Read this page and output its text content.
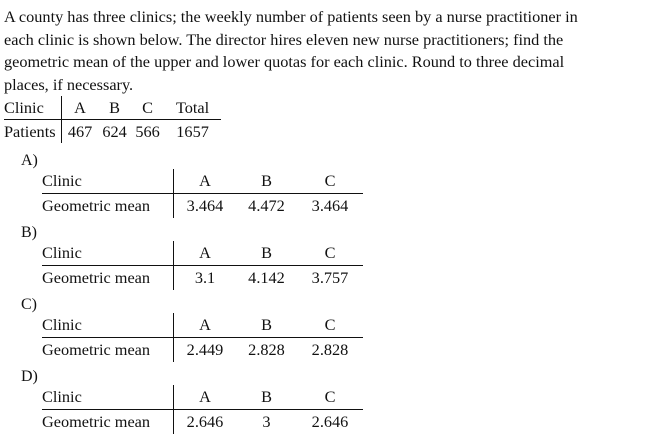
A county has three clinics; the weekly number of patients seen by a nurse practitioner in

each clinic is shown below. The director hires eleven new nurse practitioners; find the

geometric mean of the upper and lower quotas for each clinic. Round to three decimal

places, if necessary.

Clinic	A	B	C	Total
Patients	467	624	566	1657
A)
Clinic	A	B	C
Geometric mean	3.464	4.472	3.464
B)
Clinic	A	B	C
Geometric mean	3.1	4.142	3.757
C)
Clinic	A	B	C
Geometric mean	2.449	2.828	2.828
D)
Clinic	A	B	C
Geometric mean	2.646	3	2.646
